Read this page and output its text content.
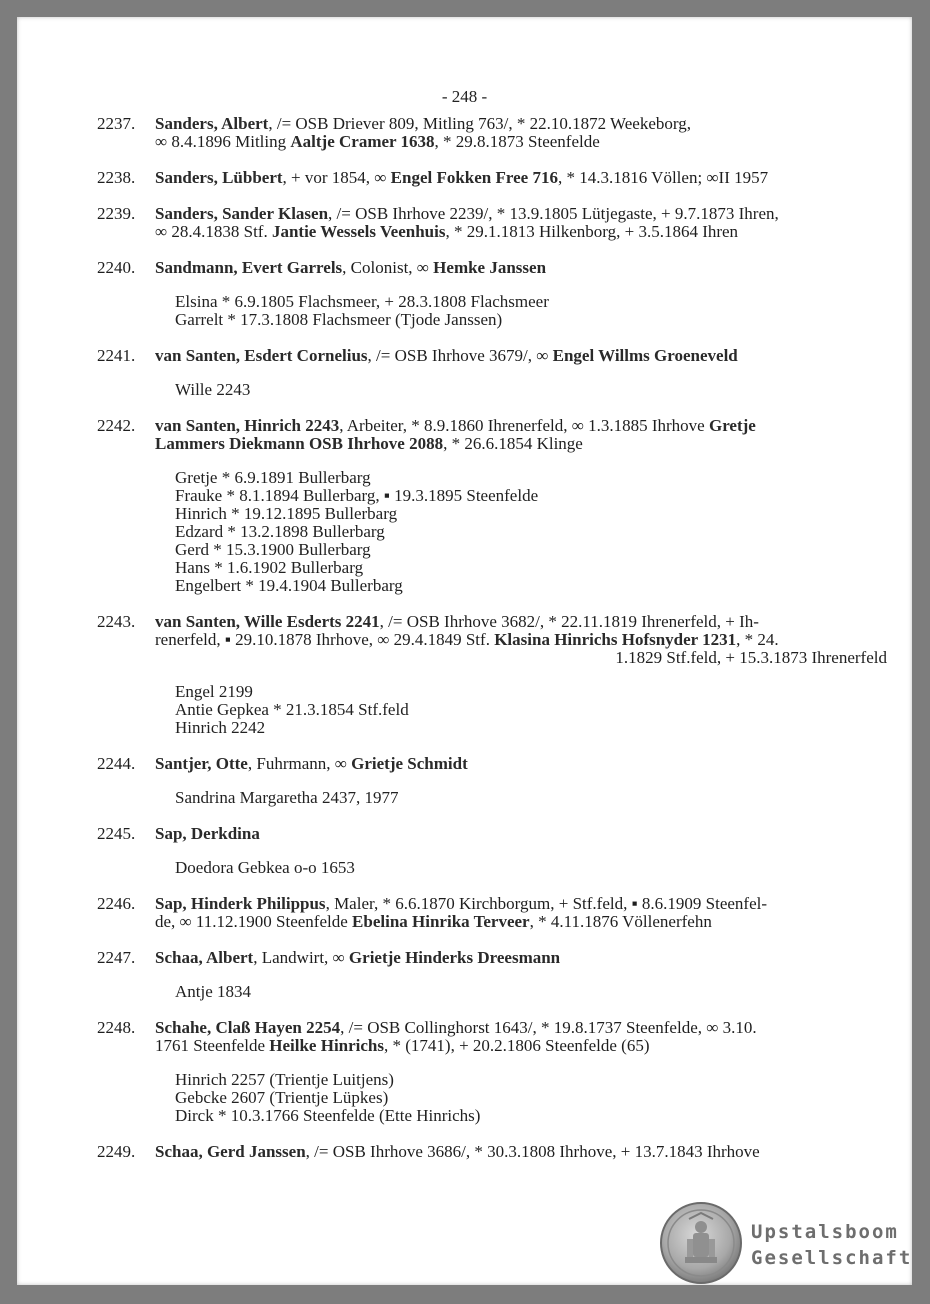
- 248 -
2237.	Sanders, Albert, /= OSB Driever 809, Mitling 763/, * 22.10.1872 Weekeborg,
∞ 8.4.1896 Mitling Aaltje Cramer 1638, * 29.8.1873 Steenfelde
2238.	Sanders, Lübbert, + vor 1854, ∞ Engel Fokken Free 716, * 14.3.1816 Völlen; ∞II 1957
2239.	Sanders, Sander Klasen, /= OSB Ihrhove 2239/, * 13.9.1805 Lütjegaste, + 9.7.1873 Ihren,
∞ 28.4.1838 Stf. Jantie Wessels Veenhuis, * 29.1.1813 Hilkenborg, + 3.5.1864 Ihren
2240.	Sandmann, Evert Garrels, Colonist, ∞ Hemke Janssen
Elsina * 6.9.1805 Flachsmeer, + 28.3.1808 Flachsmeer
Garrelt * 17.3.1808 Flachsmeer (Tjode Janssen)
2241.	van Santen, Esdert Cornelius, /= OSB Ihrhove 3679/, ∞ Engel Willms Groeneveld
Wille 2243
2242.	van Santen, Hinrich 2243, Arbeiter, * 8.9.1860 Ihrenerfeld, ∞ 1.3.1885 Ihrhove Gretje
Lammers Diekmann OSB Ihrhove 2088, * 26.6.1854 Klinge
Gretje * 6.9.1891 Bullerbarg
Frauke * 8.1.1894 Bullerbarg, ▪ 19.3.1895 Steenfelde
Hinrich * 19.12.1895 Bullerbarg
Edzard * 13.2.1898 Bullerbarg
Gerd * 15.3.1900 Bullerbarg
Hans * 1.6.1902 Bullerbarg
Engelbert * 19.4.1904 Bullerbarg
2243.	van Santen, Wille Esderts 2241, /= OSB Ihrhove 3682/, * 22.11.1819 Ihrenerfeld, + Ih-
renerfeld, ▪ 29.10.1878 Ihrhove, ∞ 29.4.1849 Stf. Klasina Hinrichs Hofsnyder 1231, * 24.
1.1829 Stf.feld, + 15.3.1873 Ihrenerfeld
Engel 2199
Antie Gepkea * 21.3.1854 Stf.feld
Hinrich 2242
2244.	Santjer, Otte, Fuhrmann, ∞ Grietje Schmidt
Sandrina Margaretha 2437, 1977
2245.	Sap, Derkdina
Doedora Gebkea o-o 1653
2246.	Sap, Hinderk Philippus, Maler, * 6.6.1870 Kirchborgum, + Stf.feld, ▪ 8.6.1909 Steenfel-
de, ∞ 11.12.1900 Steenfelde Ebelina Hinrika Terveer, * 4.11.1876 Völlenerfehn
2247.	Schaa, Albert, Landwirt, ∞ Grietje Hinderks Dreesmann
Antje 1834
2248.	Schahe, Claß Hayen 2254, /= OSB Collinghorst 1643/, * 19.8.1737 Steenfelde, ∞ 3.10.
1761 Steenfelde Heilke Hinrichs, * (1741), + 20.2.1806 Steenfelde (65)
Hinrich 2257 (Trientje Luitjens)
Gebcke 2607 (Trientje Lüpkes)
Dirck * 10.3.1766 Steenfelde (Ette Hinrichs)
2249.	Schaa, Gerd Janssen, /= OSB Ihrhove 3686/, * 30.3.1808 Ihrhove, + 13.7.1843 Ihrhove
Upstalsboom
Gesellschaft
